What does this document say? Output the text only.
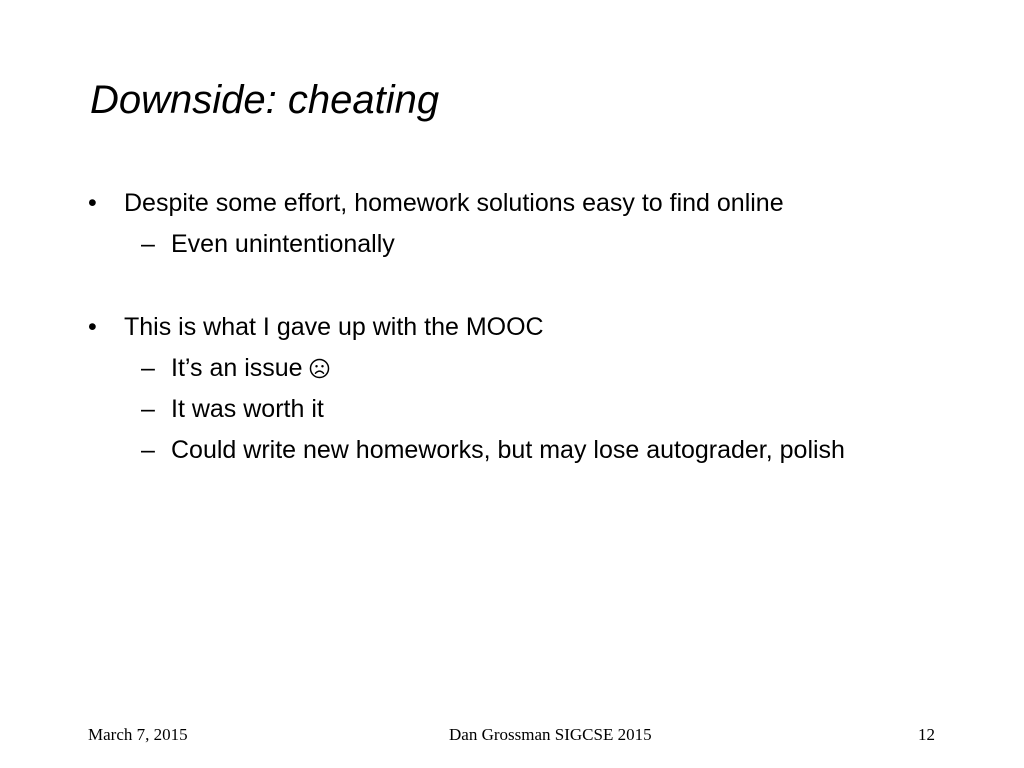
Downside: cheating
• Despite some effort, homework solutions easy to find online
– Even unintentionally
• This is what I gave up with the MOOC
– It’s an issue
– It was worth it
– Could write new homeworks, but may lose autograder, polish
March 7, 2015	Dan Grossman SIGCSE 2015	12
